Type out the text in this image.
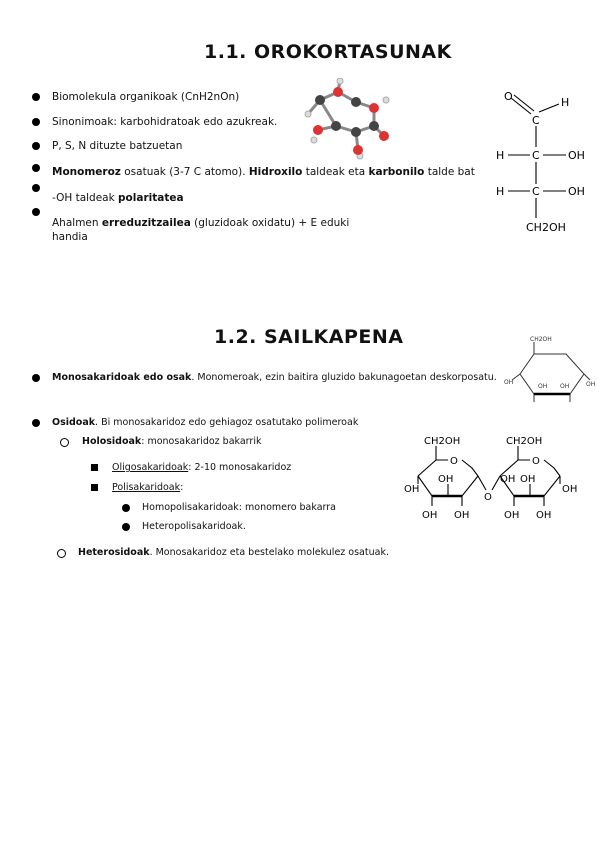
1.1. OROKORTASUNAK
Biomolekula organikoak (CnH2nOn)
Sinonimoak: karbohidratoak edo azukreak.
P, S, N dituzte batzuetan
Monomeroz osatuak (3-7 C atomo). Hidroxilo taldeak eta karbonilo talde bat
-OH taldeak polaritatea
Ahalmen erreduzitzailea (gluzidoak oxidatu) + E eduki
handia
O	H
C
H	C	OH
H	C	OH
CH2OH
1.2. SAILKAPENA	CH2OH
OH
OH OH	OH
Monosakaridoak edo osak. Monomeroak, ezin baitira gluzido bakunagoetan deskorposatu.
Osidoak. Bi monosakaridoz edo gehiagoz osatutako polimeroak
Holosidoak: monosakaridoz bakarrik
Oligosakaridoak: 2-10 monosakaridoz
Polisakaridoak:
Homopolisakaridoak: monomero bakarra
Heteropolisakaridoak.
Heterosidoak. Monosakaridoz eta bestelako molekulez osatuak.
CH2OH	CH2OH
O	O
O
OH
OH
OH OH
OH OH
OH
OH OH
